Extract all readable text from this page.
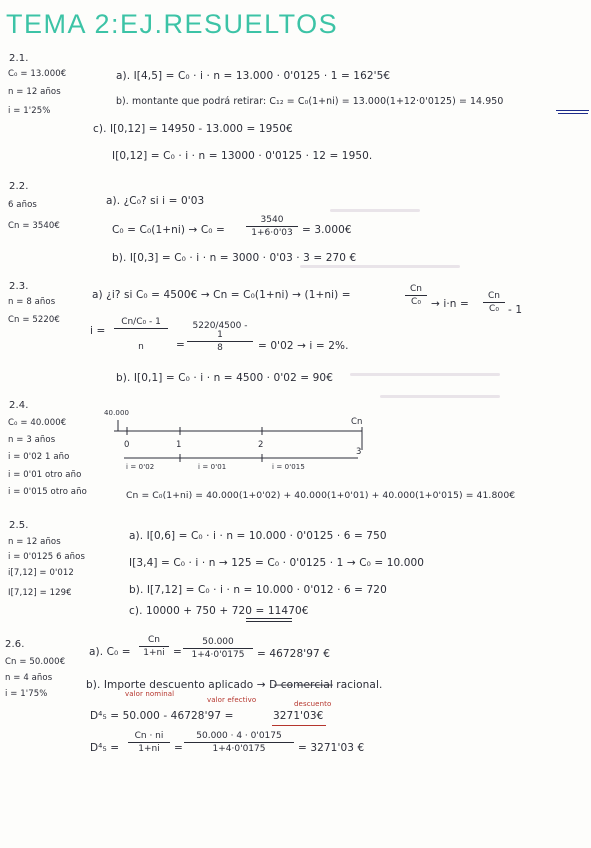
TEMA 2:EJ.RESUELTOS
2.1.
C₀ = 13.000€
n = 12 años
i = 1'25%
a). I[4,5] = C₀ · i · n = 13.000 · 0'0125 · 1 = 162'5€
b). montante que podrá retirar: C₁₂ = C₀(1+ni) = 13.000(1+12·0'0125) = 14.950
c). I[0,12] = 14950 - 13.000 = 1950€
I[0,12] = C₀ · i · n = 13000 · 0'0125 · 12 = 1950.
2.2.
6 años
Cn = 3540€
a). ¿C₀? si i = 0'03
$C_0 = C_0(1+ni) \to C_0 = \frac{3540}{1+6\cdot 0'03}$ = 3.000€
b). I[0,3] = C₀ · i · n = 3000 · 0'03 · 3 = 270 €
2.3.
n = 8 años
Cn = 5220€
a) ¿i? si C₀ = 4500€ → Cn = C₀(1+ni) → (1+ni) =	$\frac{Cn}{\text{C₀}} \to i\cdot n = \frac{Cn}{\text{C₀}} - 1$
$i = \frac{\text{Cn/C₀ - 1}}{n} = \frac{5220/4500 - 1}{8} = 0'02 \to i = 2\%$.
b). I[0,1] = C₀ · i · n = 4500 · 0'02 = 90€
2.4.
C₀ = 40.000€
n = 3 años
i = 0'02 1 año
i = 0'01 otro año
i = 0'015 otro año
40.000
Cn
0	1	2
3
i = 0'02	i = 0'01	i = 0'015
Cn = C₀(1+ni) = 40.000(1+0'02) + 40.000(1+0'01) + 40.000(1+0'015) = 41.800€
2.5.
n = 12 años
i = 0'0125 6 años
i[7,12] = 0'012
I[7,12] = 129€
a). I[0,6] = C₀ · i · n = 10.000 · 0'0125 · 6 = 750
I[3,4] = C₀ · i · n → 125 = C₀ · 0'0125 · 1 → C₀ = 10.000
b). I[7,12] = C₀ · i · n = 10.000 · 0'012 · 6 = 720
c). 10000 + 750 + 720 = 11470€
2.6.
Cn = 50.000€
n = 4 años
i = 1'75%
a). $C_0 = \frac{Cn}{1+ni} = \frac{50.000}{1+4\cdot 0'0175} = 46728'97$ €
b). Importe descuento aplicado → D ̶c̶o̶m̶e̶r̶c̶i̶a̶l̶ racional.
valor nominal
valor efectivo	descuento
D⁴₅ = 50.000 - 46728'97 =	3271'03€
$D^4_5 = \frac{Cn \cdot ni}{1+ni} = \frac{50.000 \cdot 4 \cdot 0'0175}{1+4\cdot 0'0175} = 3271'03$ €
